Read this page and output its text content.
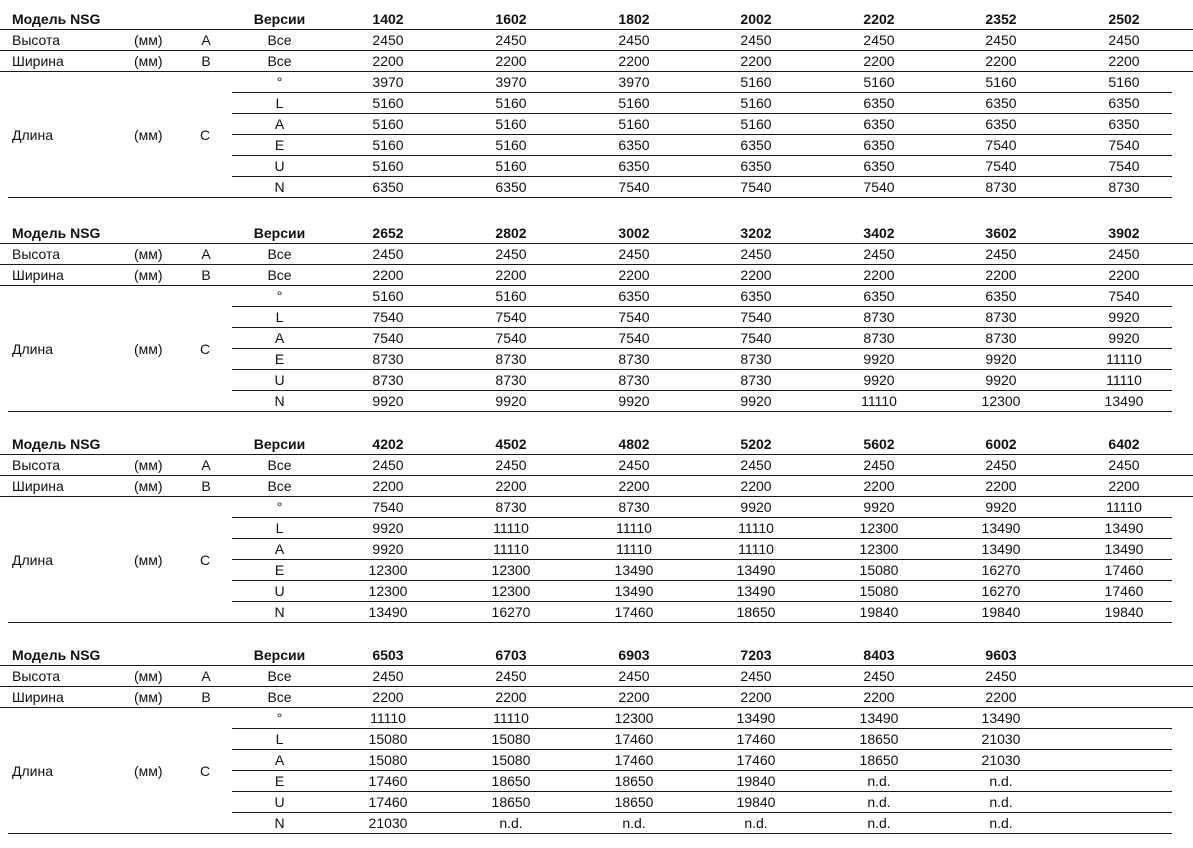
Модель NSG	Версии	1402	1602	1802	2002	2202	2352	2502
Высота	(мм)	A	Все	2450	2450	2450	2450	2450	2450	2450
Ширина	(мм)	B	Все	2200	2200	2200	2200	2200	2200	2200
°	3970	3970	3970	5160	5160	5160	5160
L	5160	5160	5160	5160	6350	6350	6350
A	5160	5160	5160	5160	6350	6350	6350
E	5160	5160	6350	6350	6350	7540	7540
U	5160	5160	6350	6350	6350	7540	7540
N	6350	6350	7540	7540	7540	8730	8730
Длина	(мм)	C
Модель NSG	Версии	2652	2802	3002	3202	3402	3602	3902
Высота	(мм)	A	Все	2450	2450	2450	2450	2450	2450	2450
Ширина	(мм)	B	Все	2200	2200	2200	2200	2200	2200	2200
°	5160	5160	6350	6350	6350	6350	7540
L	7540	7540	7540	7540	8730	8730	9920
A	7540	7540	7540	7540	8730	8730	9920
E	8730	8730	8730	8730	9920	9920	11110
U	8730	8730	8730	8730	9920	9920	11110
N	9920	9920	9920	9920	11110	12300	13490
Длина	(мм)	C
Модель NSG	Версии	4202	4502	4802	5202	5602	6002	6402
Высота	(мм)	A	Все	2450	2450	2450	2450	2450	2450	2450
Ширина	(мм)	B	Все	2200	2200	2200	2200	2200	2200	2200
°	7540	8730	8730	9920	9920	9920	11110
L	9920	11110	11110	11110	12300	13490	13490
A	9920	11110	11110	11110	12300	13490	13490
E	12300	12300	13490	13490	15080	16270	17460
U	12300	12300	13490	13490	15080	16270	17460
N	13490	16270	17460	18650	19840	19840	19840
Длина	(мм)	C
Модель NSG	Версии	6503	6703	6903	7203	8403	9603
Высота	(мм)	A	Все	2450	2450	2450	2450	2450	2450
Ширина	(мм)	B	Все	2200	2200	2200	2200	2200	2200
°	11110	11110	12300	13490	13490	13490
L	15080	15080	17460	17460	18650	21030
A	15080	15080	17460	17460	18650	21030
E	17460	18650	18650	19840	n.d.	n.d.
U	17460	18650	18650	19840	n.d.	n.d.
N	21030	n.d.	n.d.	n.d.	n.d.	n.d.
Длина	(мм)	C
